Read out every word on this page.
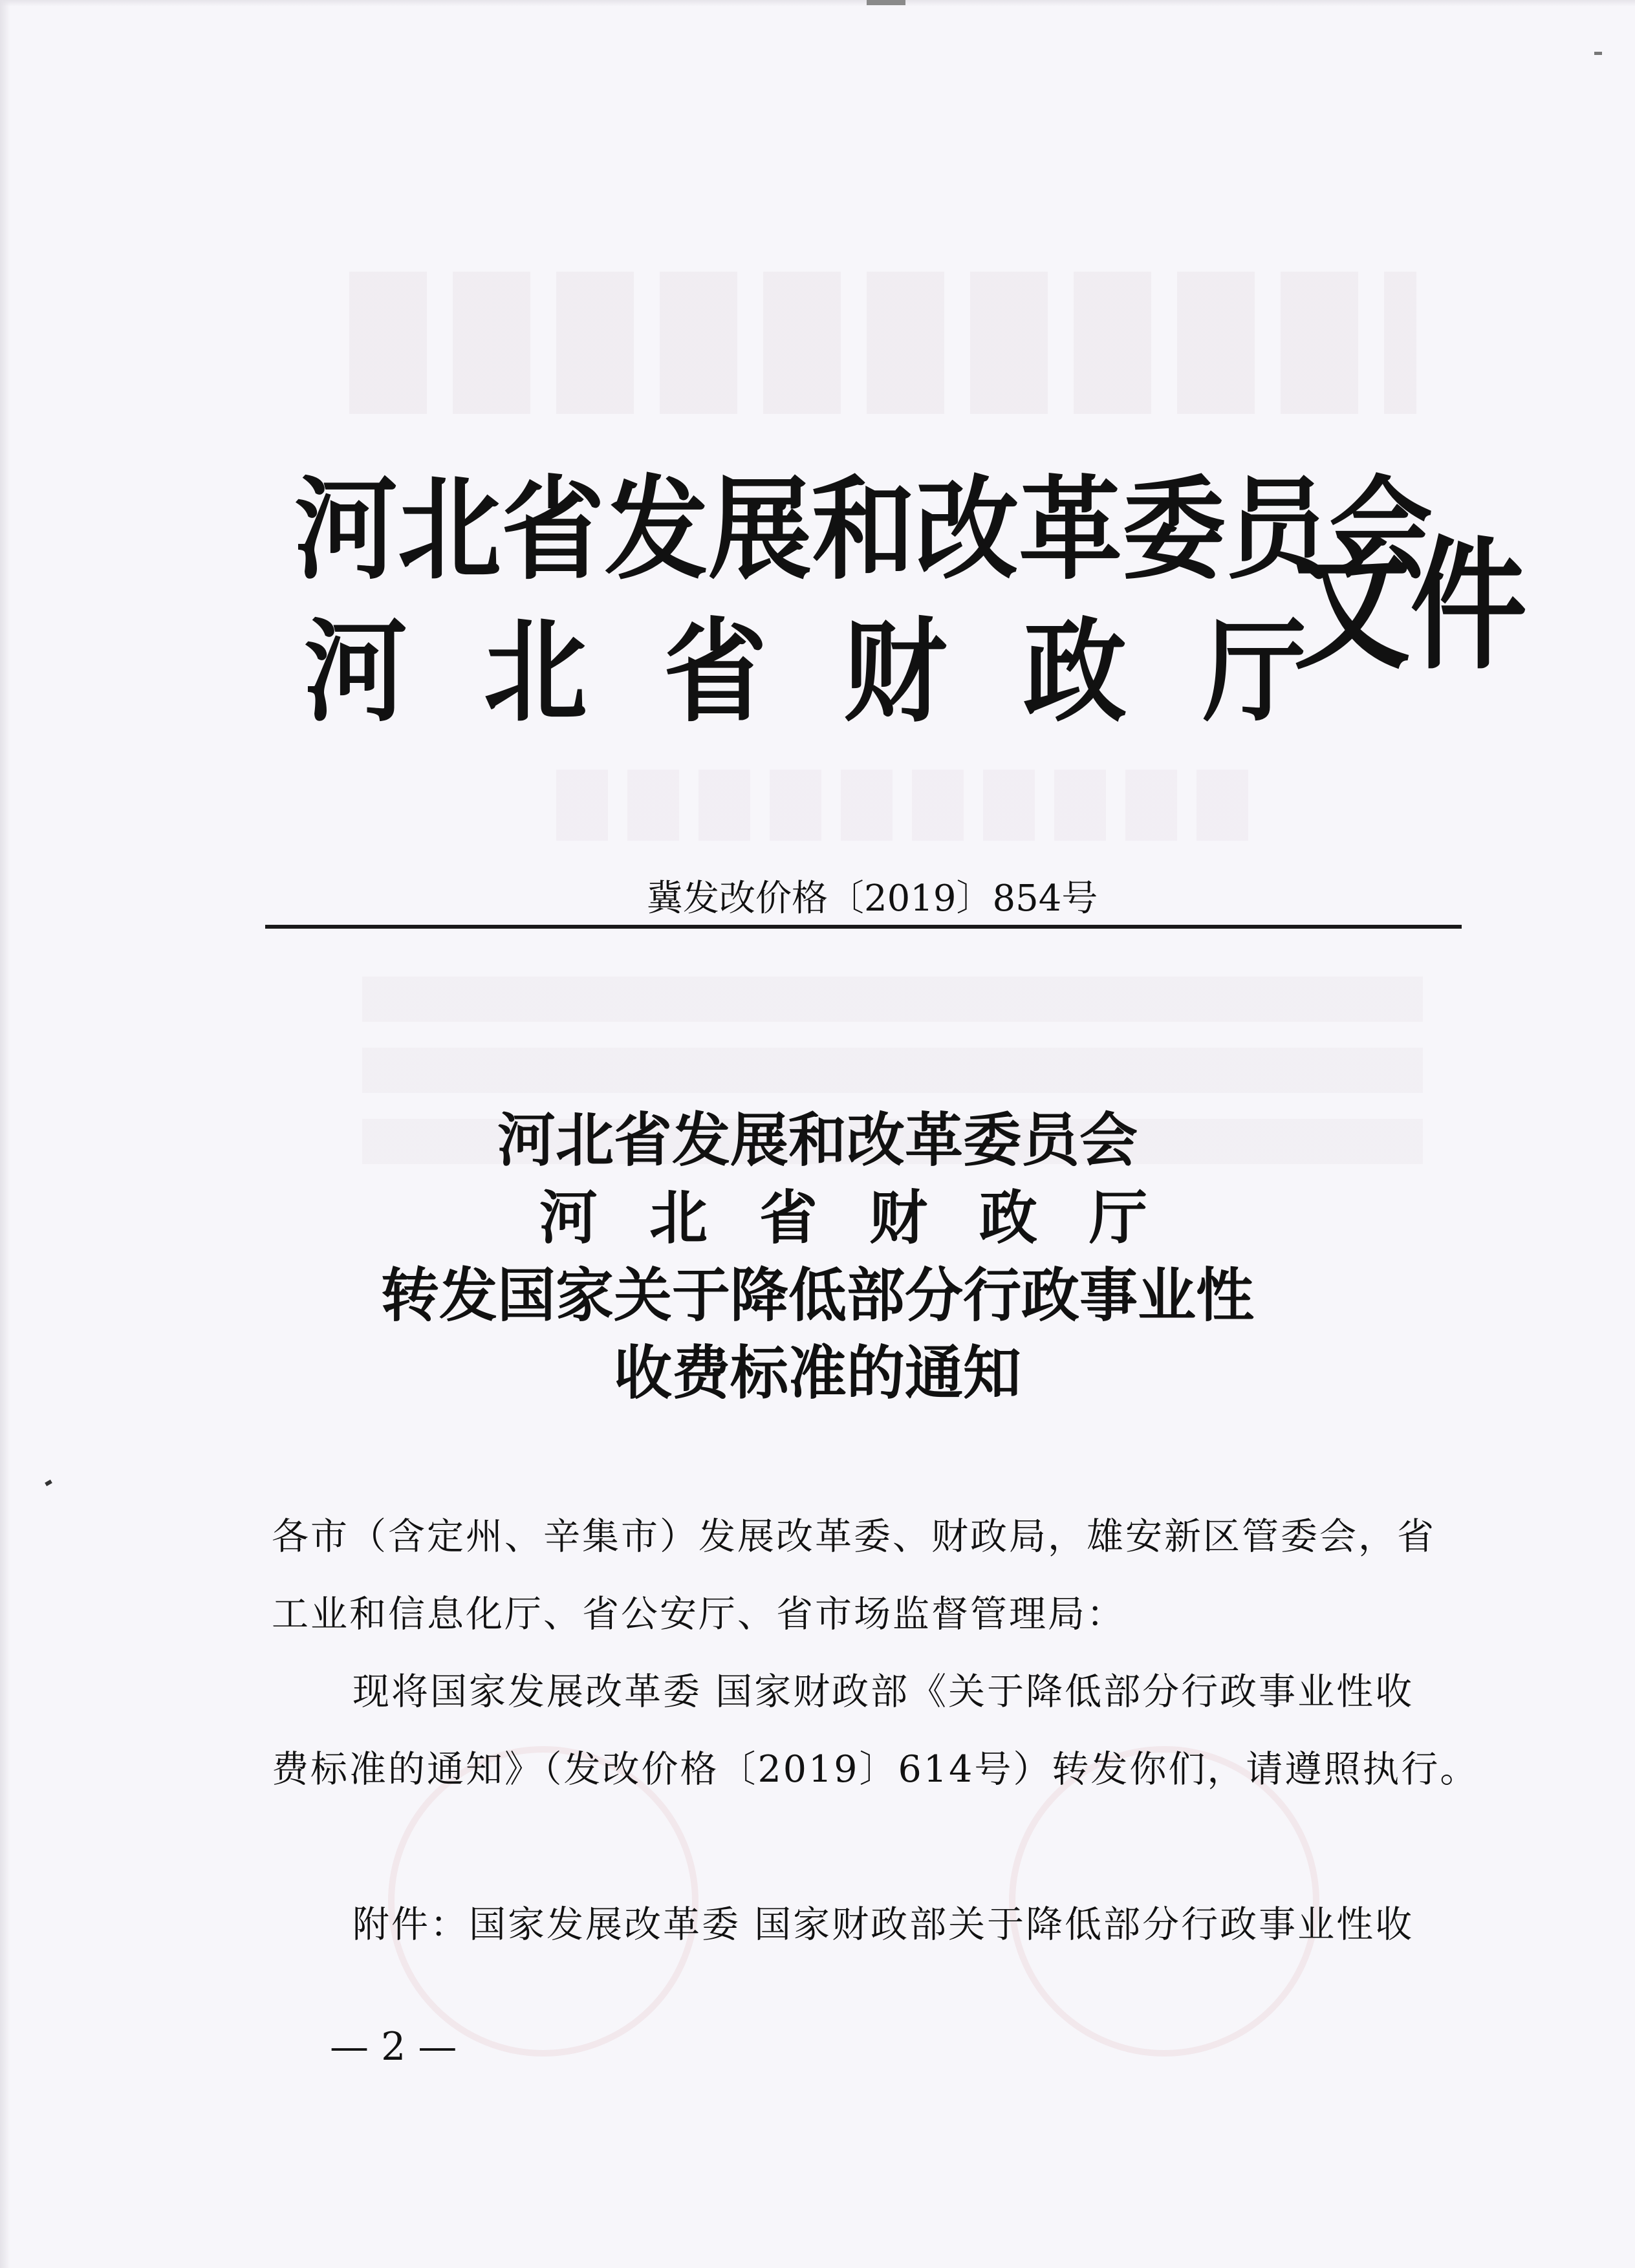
河北省发展和改革委员会
河北省财政厅
文件
冀发改价格〔2019〕854号
河北省发展和改革委员会
河北省财政厅
转发国家关于降低部分行政事业性
收费标准的通知
各市（含定州、辛集市）发展改革委、财政局，雄安新区管委会，省
工业和信息化厅、省公安厅、省市场监督管理局：
现将国家发展改革委 国家财政部《关于降低部分行政事业性收
费标准的通知》（发改价格〔2019〕614号）转发你们，请遵照执行。
附件：国家发展改革委 国家财政部关于降低部分行政事业性收
— 2 —
